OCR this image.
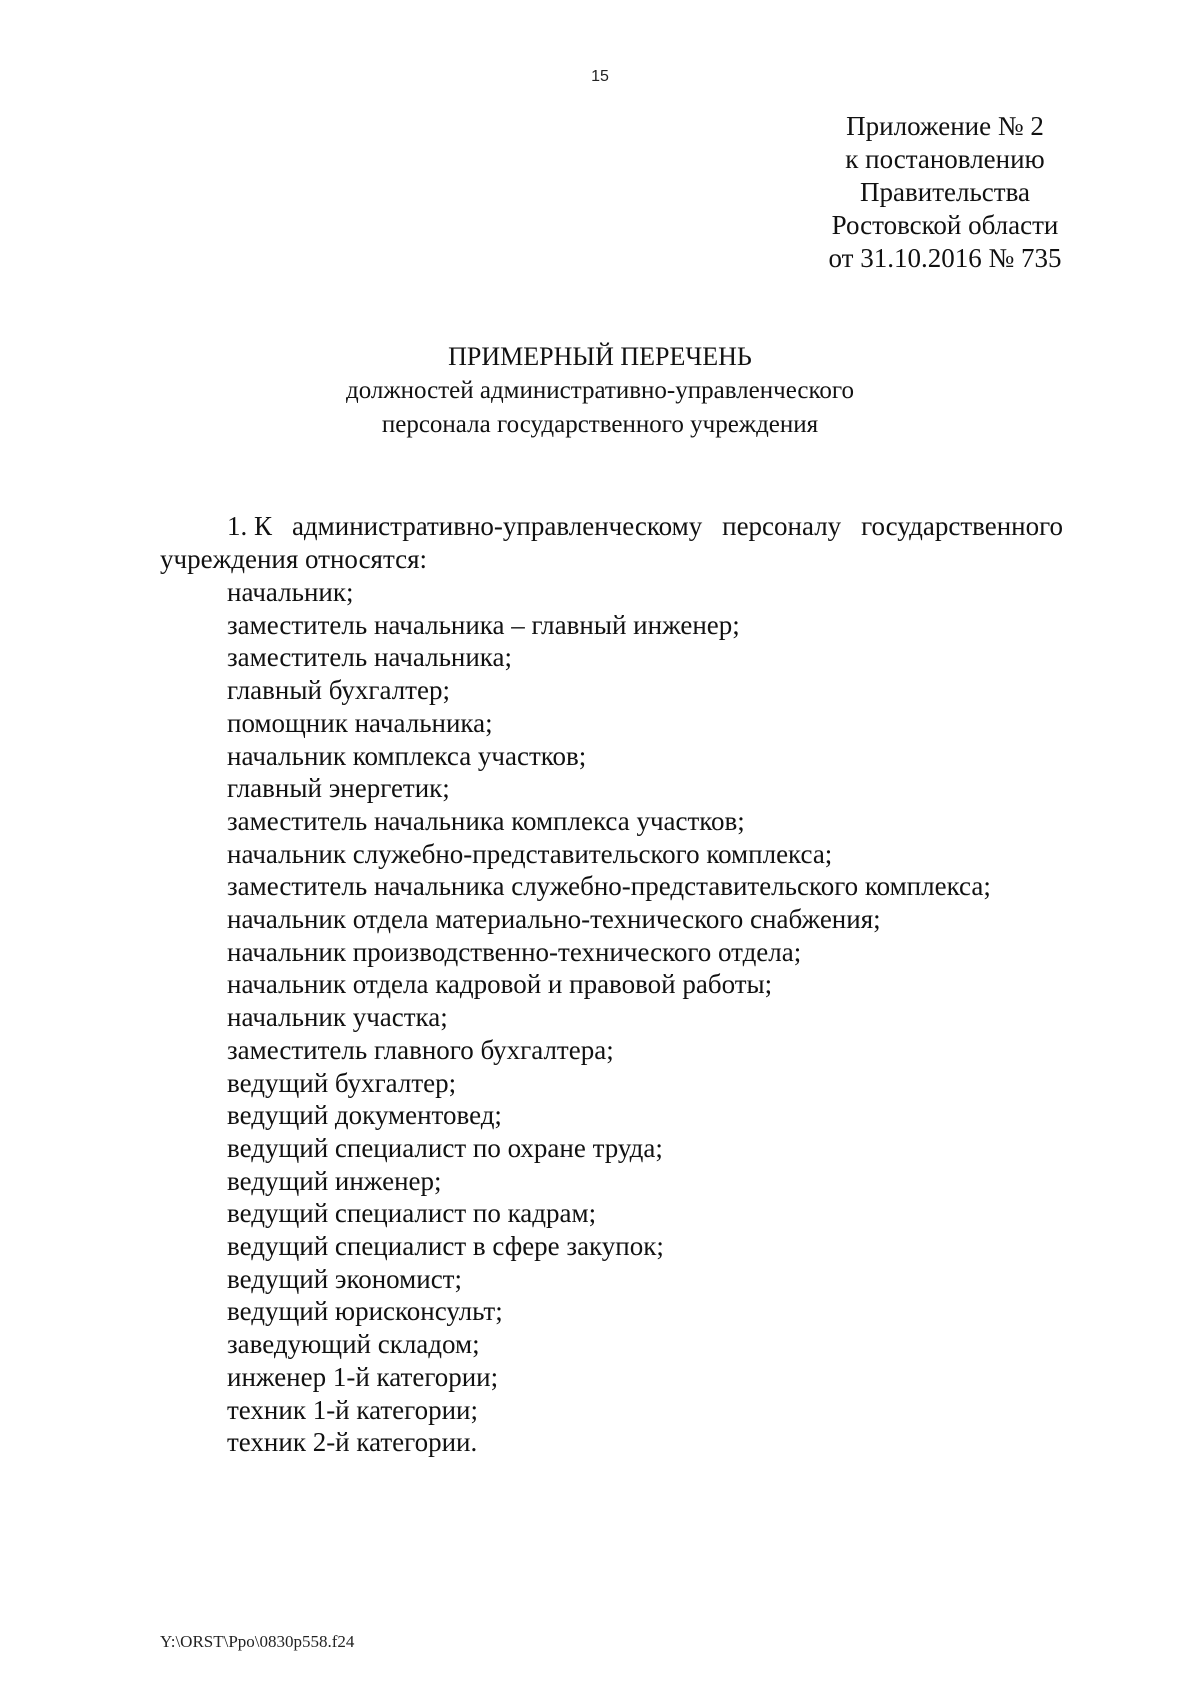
15
Приложение № 2
к постановлению
Правительства
Ростовской области
от 31.10.2016 № 735
ПРИМЕРНЫЙ ПЕРЕЧЕНЬ
должностей административно-управленческого
персонала государственного учреждения
1. К административно-управленческому персоналу государственного
учреждения относятся:
начальник;
заместитель начальника – главный инженер;
заместитель начальника;
главный бухгалтер;
помощник начальника;
начальник комплекса участков;
главный энергетик;
заместитель начальника комплекса участков;
начальник служебно-представительского комплекса;
заместитель начальника служебно-представительского комплекса;
начальник отдела материально-технического снабжения;
начальник производственно-технического отдела;
начальник отдела кадровой и правовой работы;
начальник участка;
заместитель главного бухгалтера;
ведущий бухгалтер;
ведущий документовед;
ведущий специалист по охране труда;
ведущий инженер;
ведущий специалист по кадрам;
ведущий специалист в сфере закупок;
ведущий экономист;
ведущий юрисконсульт;
заведующий складом;
инженер 1-й категории;
техник 1-й категории;
техник 2-й категории.
Y:\ORST\Ppo\0830p558.f24
